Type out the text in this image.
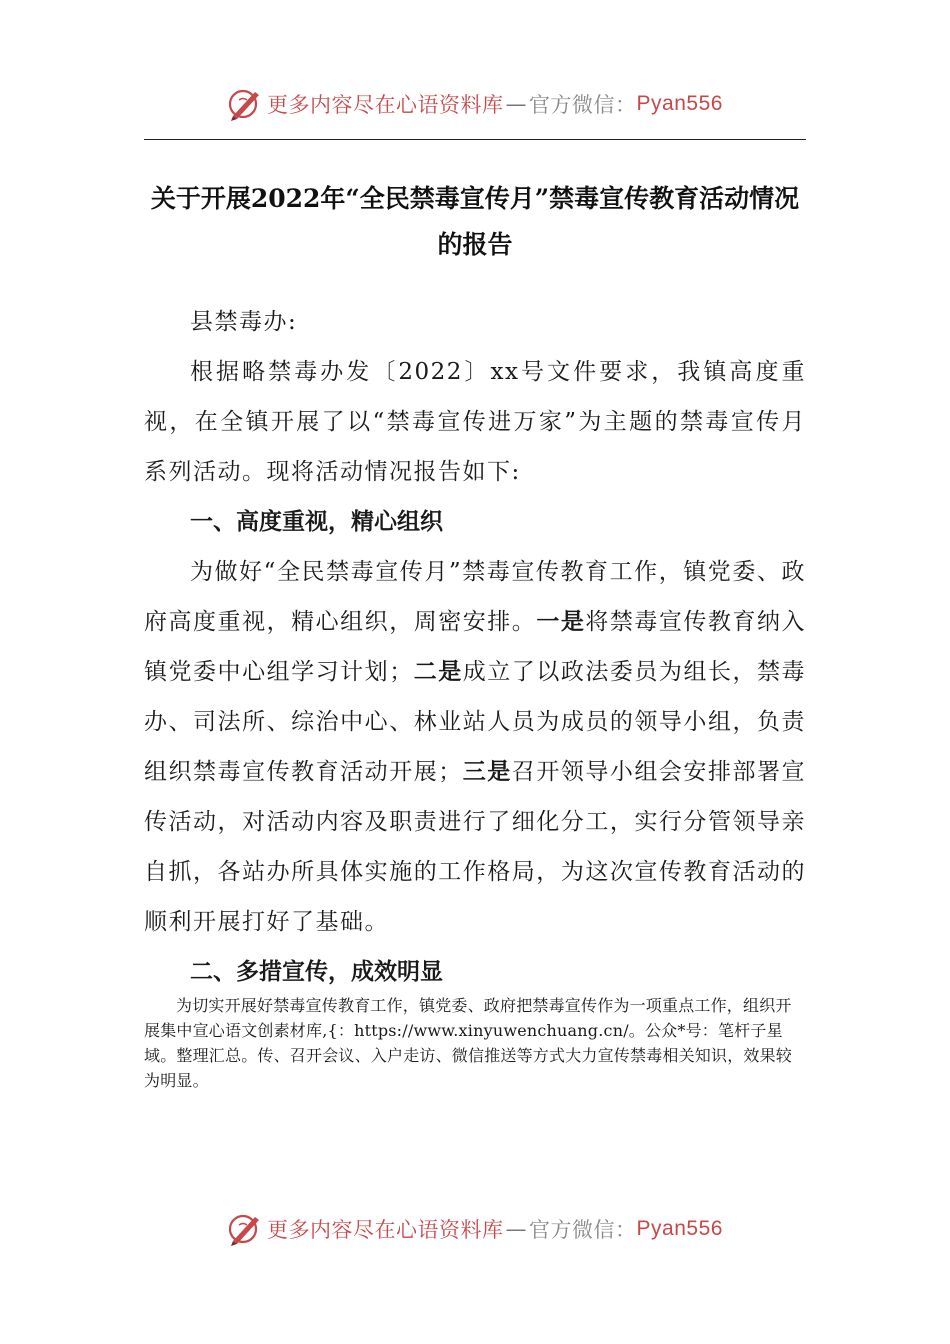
更多内容尽在心语资料库 — 官方微信： Pyan556
关于开展2022年“全民禁毒宣传月”禁毒宣传教育活动情况的报告

县禁毒办:

根据略禁毒办发〔2022〕xx号文件要求，我镇高度重视，在全镇开展了以“禁毒宣传进万家”为主题的禁毒宣传月系列活动。现将活动情况报告如下:

一、高度重视，精心组织

为做好“全民禁毒宣传月”禁毒宣传教育工作，镇党委、政府高度重视，精心组织，周密安排。一是将禁毒宣传教育纳入镇党委中心组学习计划；二是成立了以政法委员为组长，禁毒办、司法所、综治中心、林业站人员为成员的领导小组，负责组织禁毒宣传教育活动开展；三是召开领导小组会安排部署宣传活动，对活动内容及职责进行了细化分工，实行分管领导亲自抓，各站办所具体实施的工作格局，为这次宣传教育活动的顺利开展打好了基础。

二、多措宣传，成效明显

为切实开展好禁毒宣传教育工作，镇党委、政府把禁毒宣传作为一项重点工作，组织开展集中宣心语文创素材库,{：https://www.xinyuwenchuang.cn/。公众*号：笔杆子星域。整理汇总。传、召开会议、入户走访、微信推送等方式大力宣传禁毒相关知识，效果较为明显。

更多内容尽在心语资料库 — 官方微信： Pyan556
